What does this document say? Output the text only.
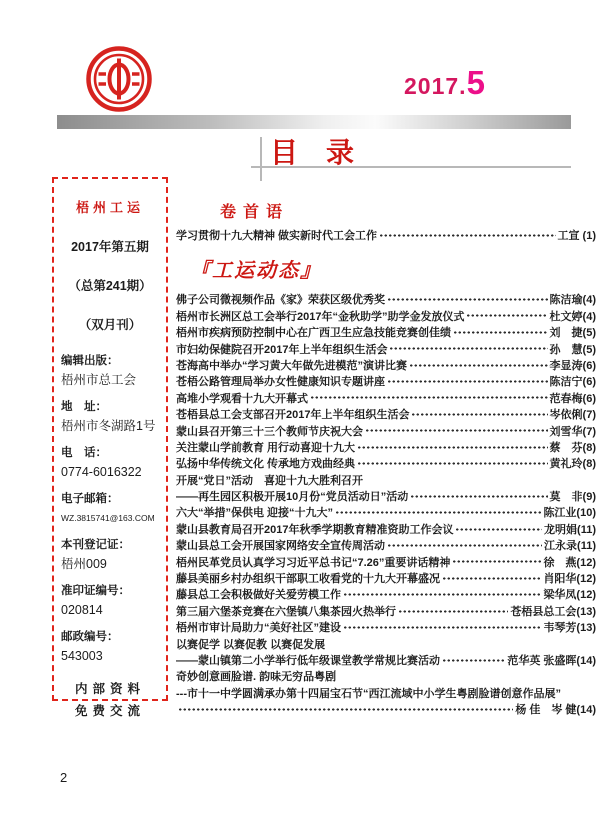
2017.5
目　录
梧州工运
2017年第五期
（总第241期）
（双月刊）
编辑出版：
梧州市总工会
地　址：
梧州市冬湖路1号
电　话：
0774-6016322
电子邮箱：
WZ.3815741@163.COM
本刊登记证：
梧州009
准印证编号：
020814
邮政编号：
543003
内部资料
免费交流
卷首语
学习贯彻十九大精神 做实新时代工会工作	工宣 (1)
『工运动态』
佛子公司微视频作品《家》荣获区级优秀奖	陈洁瑜(4)
梧州市长洲区总工会举行2017年“金秋助学”助学金发放仪式	杜文婷(4)
梧州市疾病预防控制中心在广西卫生应急技能竞赛创佳绩	刘　捷(5)
市妇幼保健院召开2017年上半年组织生活会	孙　慧(5)
苍海高中举办“学习黄大年做先进模范”演讲比赛	李显涛(6)
苍梧公路管理局举办女性健康知识专题讲座	陈洁宁(6)
高堆小学观看十九大开幕式	范春梅(6)
苍梧县总工会支部召开2017年上半年组织生活会	岑依俐(7)
蒙山县召开第三十三个教师节庆祝大会	刘雪华(7)
关注蒙山学前教育 用行动喜迎十九大	蔡　芬(8)
弘扬中华传统文化 传承地方戏曲经典	黄礼玲(8)
开展“党日”活动　喜迎十九大胜利召开
——再生园区积极开展10月份“党员活动日”活动	莫　非(9)
六大“举措”保供电 迎接“十九大”	陈江业(10)
蒙山县教育局召开2017年秋季学期教育精准资助工作会议	龙明娟(11)
蒙山县总工会开展国家网络安全宣传周活动	江永录(11)
梧州民革党员认真学习习近平总书记“7.26”重要讲话精神	徐　燕(12)
藤县美丽乡村办组织干部职工收看党的十九大开幕盛况	肖阳华(12)
藤县总工会积极做好关爱劳模工作	梁华凤(12)
第三届六堡茶竞赛在六堡镇八集茶园火热举行	苍梧县总工会(13)
梧州市审计局助力“美好社区”建设	韦琴芳(13)
以赛促学 以赛促教 以赛促发展
——蒙山镇第二小学举行低年级课堂教学常规比赛活动	范华英 张盛晖(14)
奇妙创意画脸谱. 韵味无穷品粤剧
---市十一中学圆满承办第十四届宝石节“西江流域中小学生粤剧脸谱创意作品展”
杨 佳　岑 健(14)
2
